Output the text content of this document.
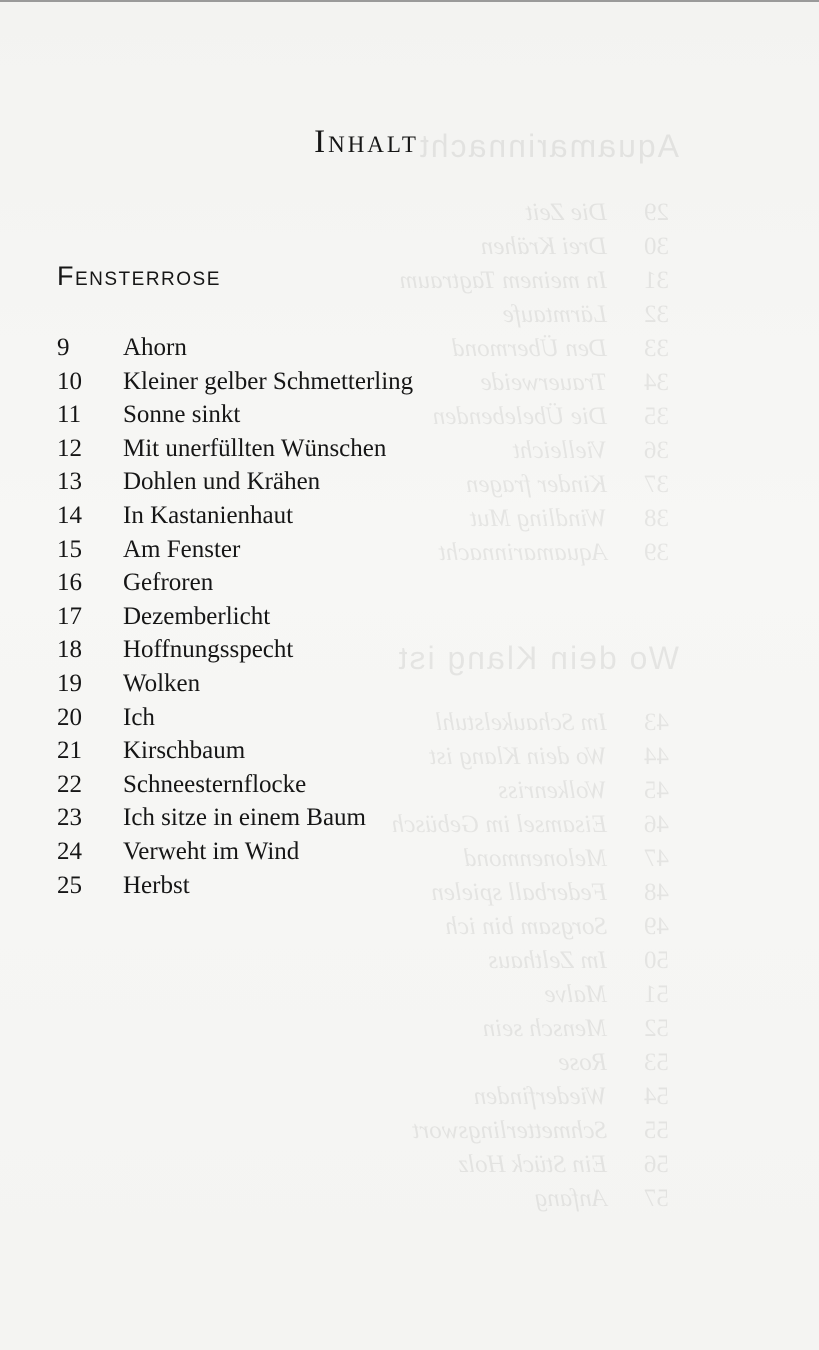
Aquamarinnacht
29Die Zeit
30Drei Krähen
31In meinem Tagtraum
32Lärmtaufe
33Den Übermond
34Trauerweide
35Die Übelebenden
36Vielleicht
37Kinder fragen
38Windling Mut
39Aquamarinnacht
Wo dein Klang ist
43Im Schaukelstuhl
44Wo dein Klang ist
45Wolkenriss
46Eisamsel im Gebüsch
47Melonenmond
48Federball spielen
49Sorgsam bin ich
50Im Zelthaus
51Malve
52Mensch sein
53Rose
54Wiederfinden
55Schmetterlingswort
56Ein Stück Holz
57Anfang
Inhalt
Fensterrose
9	Ahorn
10	Kleiner gelber Schmetterling
11	Sonne sinkt
12	Mit unerfüllten Wünschen
13	Dohlen und Krähen
14	In Kastanienhaut
15	Am Fenster
16	Gefroren
17	Dezemberlicht
18	Hoffnungsspecht
19	Wolken
20	Ich
21	Kirschbaum
22	Schneesternflocke
23	Ich sitze in einem Baum
24	Verweht im Wind
25	Herbst
